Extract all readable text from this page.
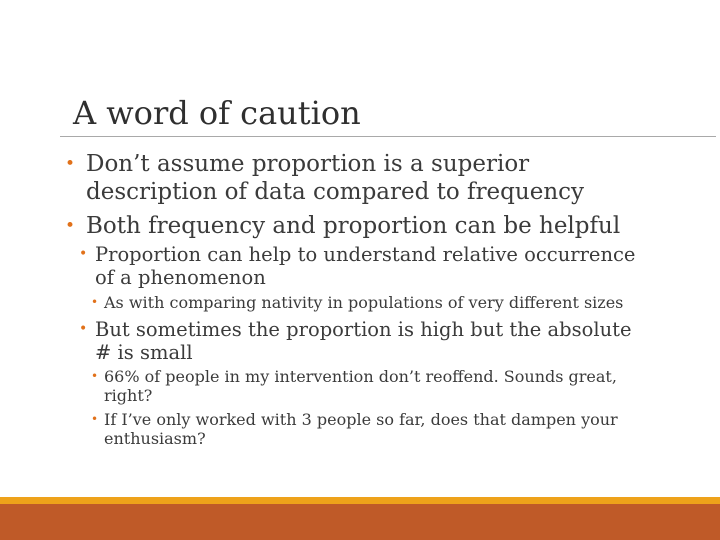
A word of caution
• Don’t assume proportion is a superior
description of data compared to frequency
• Both frequency and proportion can be helpful
• Proportion can help to understand relative occurrence
of a phenomenon
• As with comparing nativity in populations of very different sizes
• But sometimes the proportion is high but the absolute
# is small
• 66% of people in my intervention don’t reoffend. Sounds great,
right?
• If I’ve only worked with 3 people so far, does that dampen your
enthusiasm?
